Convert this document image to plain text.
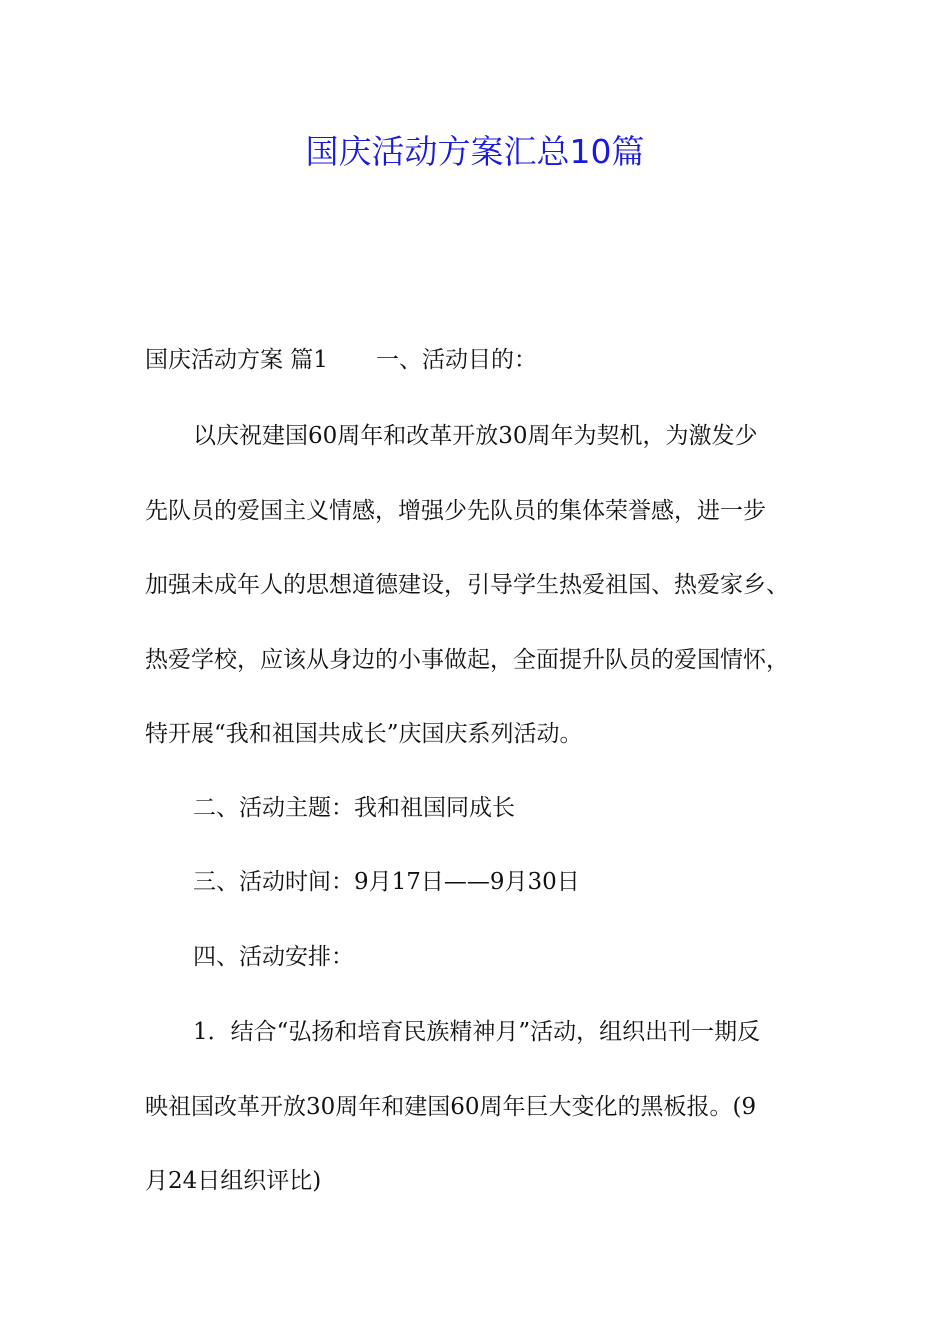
国庆活动方案汇总10篇

国庆活动方案 篇1 一、活动目的：

以庆祝建国60周年和改革开放30周年为契机，为激发少

先队员的爱国主义情感，增强少先队员的集体荣誉感，进一步

加强未成年人的思想道德建设，引导学生热爱祖国、热爱家乡、

热爱学校，应该从身边的小事做起，全面提升队员的爱国情怀，

特开展“我和祖国共成长”庆国庆系列活动。

二、活动主题：我和祖国同成长

三、活动时间：9月17日——9月30日

四、活动安排：

1．结合“弘扬和培育民族精神月”活动，组织出刊一期反

映祖国改革开放30周年和建国60周年巨大变化的黑板报。(9

月24日组织评比)
